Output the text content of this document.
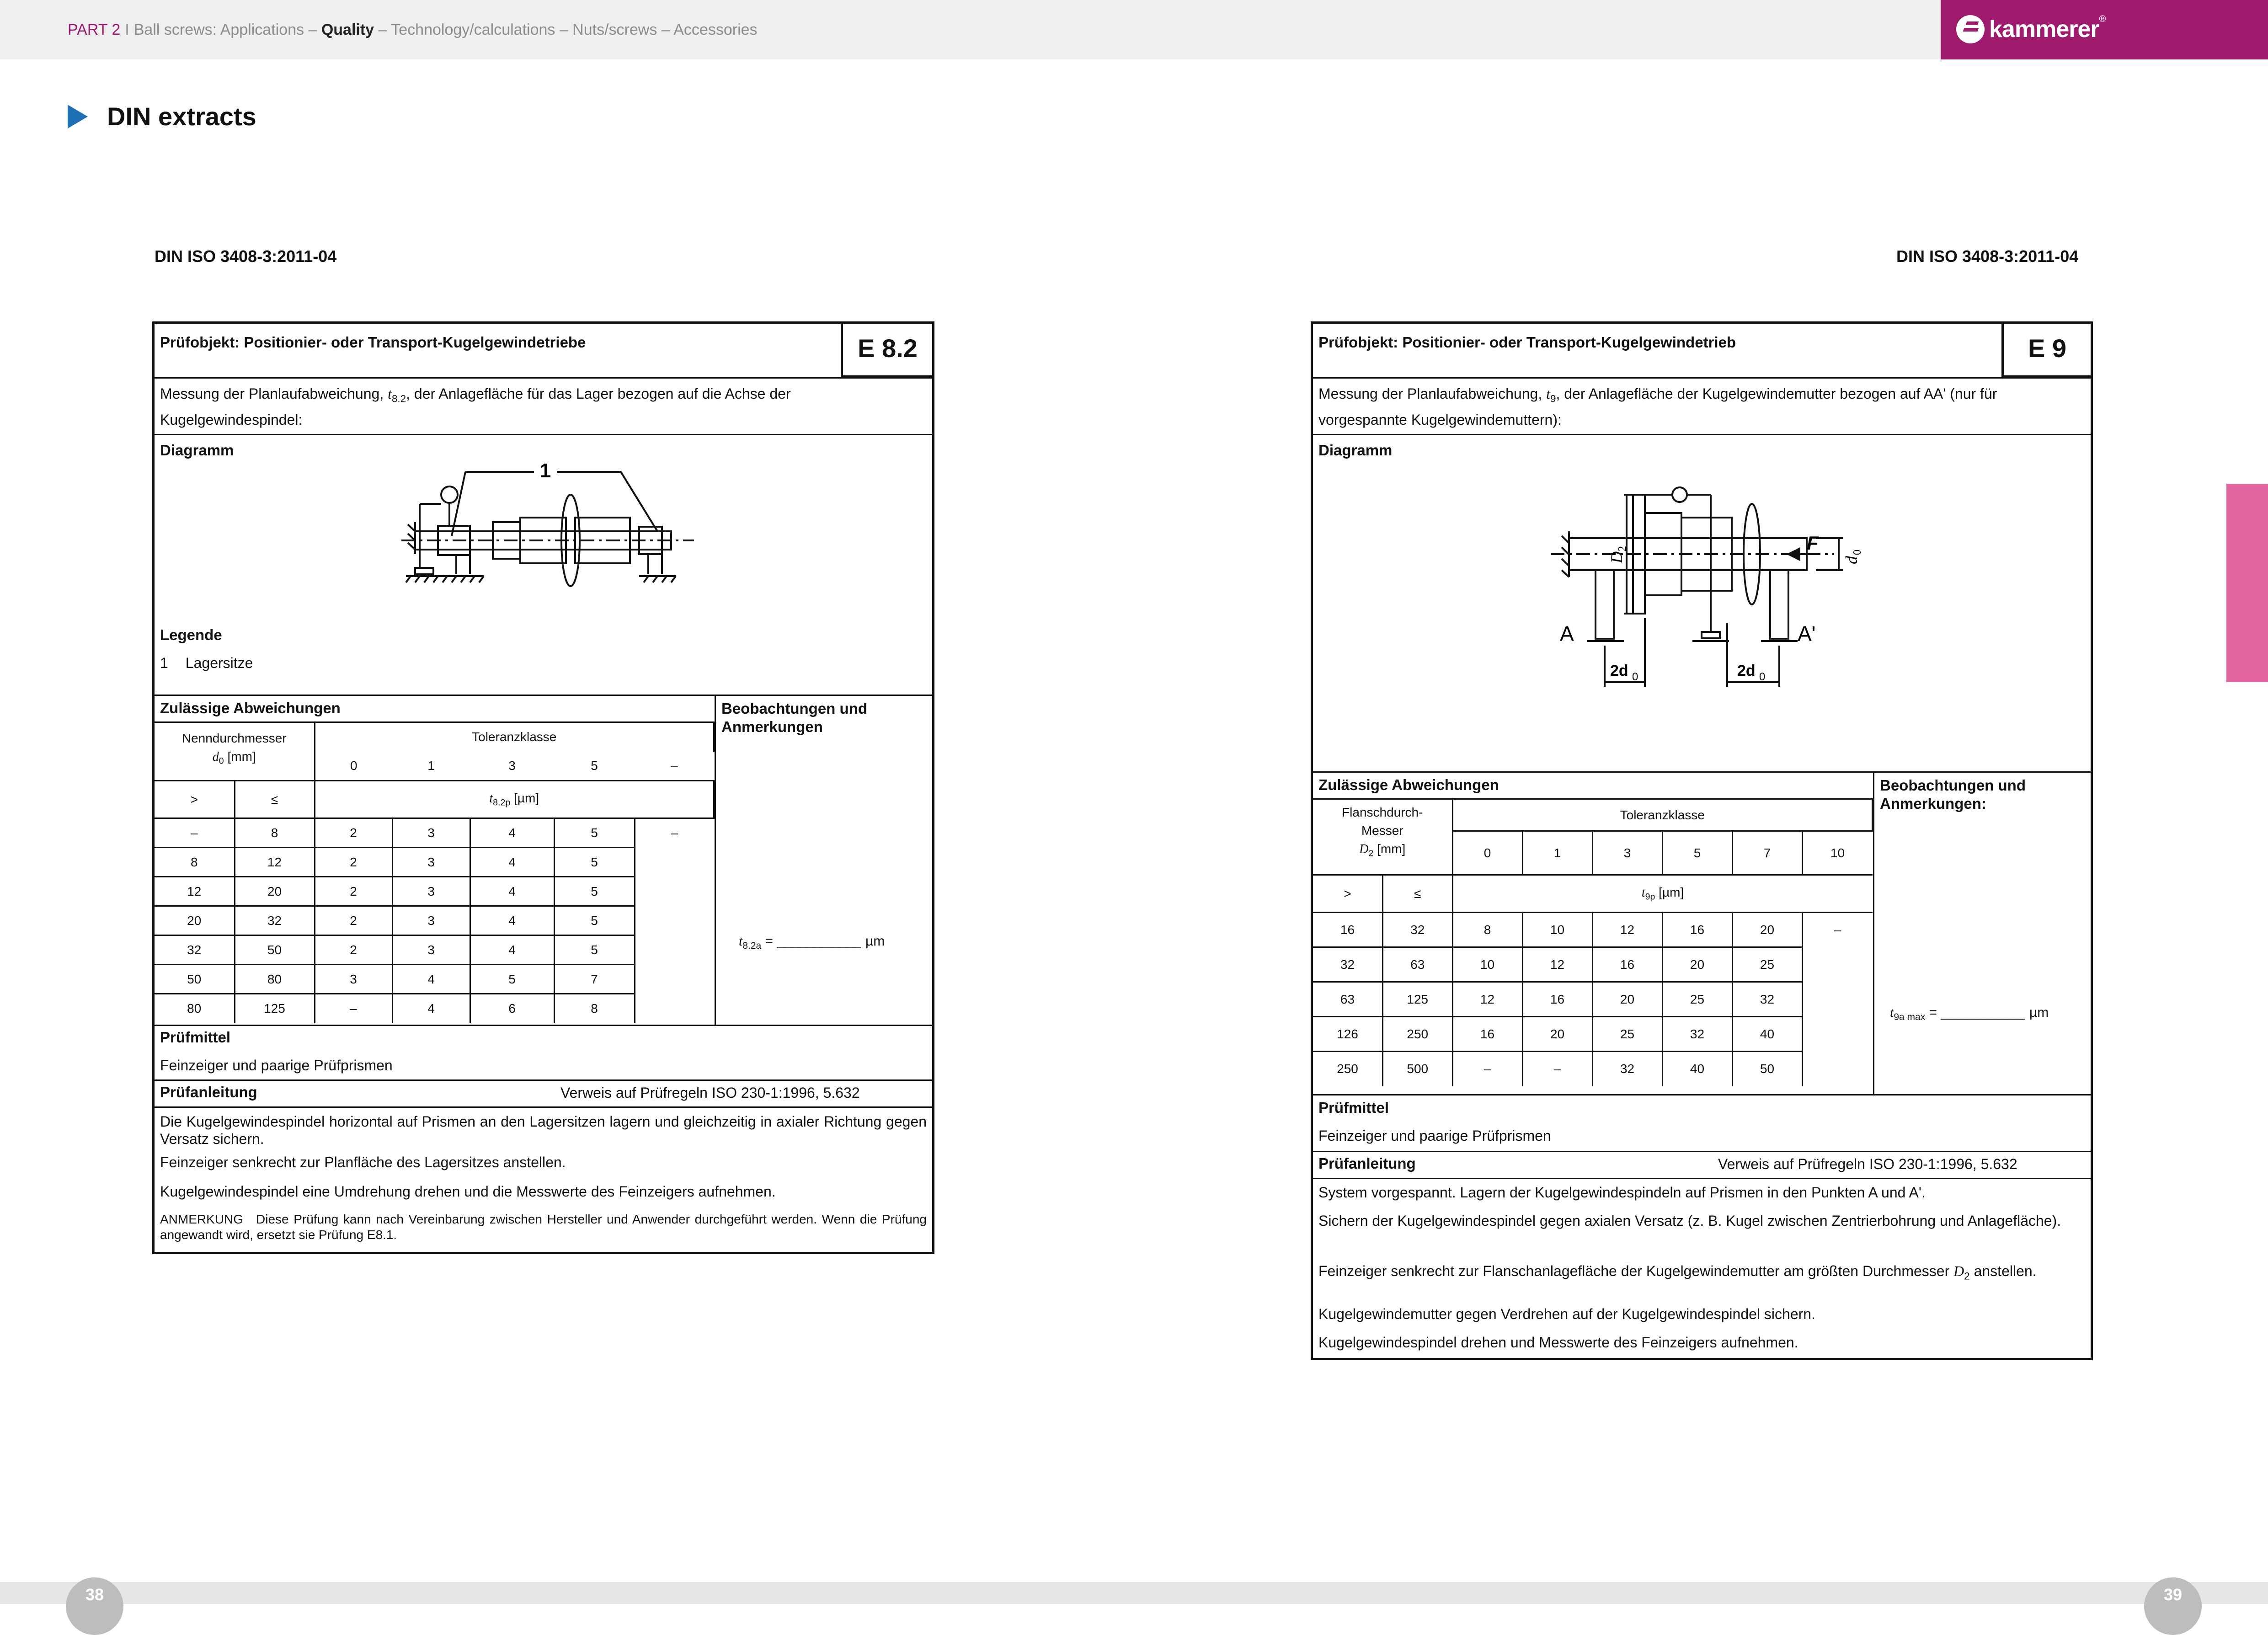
PART 2 I Ball screws: Applications – Quality – Technology/calculations – Nuts/screws – Accessories	kammerer ®
DIN extracts
DIN ISO 3408-3:2011-04
Prüfobjekt: Positionier- oder Transport-Kugelgewindetriebe	E 8.2
Messung der Planlaufabweichung, $t_{8.2}$, der Anlagefläche für das Lager bezogen auf die Achse der Kugelgewindespindel:
Diagramm
1
Legende
1 Lagersitze
Zulässige Abweichungen
Nenndurchmesser
$d_0$ [mm]		Toleranzklasse				
		0	1	3	5	–
>	≤	$t_{8.2p}$ [µm]				
–	8	2	3	4	5	–
8	12	2	3	4	5	
12	20	2	3	4	5	
20	32	2	3	4	5	
32	50	2	3	4	5	
50	80	3	4	5	7	
80	125	–	4	6	8	
Beobachtungen und Anmerkungen
$t_{8.2a}$ = ___________ µm
Prüfmittel
Feinzeiger und paarige Prüfprismen
Prüfanleitung	Verweis auf Prüfregeln ISO 230-1:1996, 5.632
Die Kugelgewindespindel horizontal auf Prismen an den Lagersitzen lagern und gleichzeitig in axialer Richtung gegen Versatz sichern.
Feinzeiger senkrecht zur Planfläche des Lagersitzes anstellen.
Kugelgewindespindel eine Umdrehung drehen und die Messwerte des Feinzeigers aufnehmen.
ANMERKUNG Diese Prüfung kann nach Vereinbarung zwischen Hersteller und Anwender durchgeführt werden. Wenn die Prüfung angewandt wird, ersetzt sie Prüfung E8.1.
DIN ISO 3408-3:2011-04
Prüfobjekt: Positionier- oder Transport-Kugelgewindetrieb	E 9
Messung der Planlaufabweichung, $t_9$, der Anlagefläche der Kugelgewindemutter bezogen auf AA' (nur für vorgespannte Kugelgewindemuttern):
Diagramm
A	A'
F
D
2
d
0
2d 0	2d 0
Zulässige Abweichungen
Flanschdurch-
Messer
$D_2$ [mm]		Toleranzklasse					
		0	1	3	5	7	10
>	≤	$t_{9p}$ [µm]					
16	32	8	10	12	16	20	–
32	63	10	12	16	20	25	
63	125	12	16	20	25	32	
126	250	16	20	25	32	40	
250	500	–	–	32	40	50	
Beobachtungen und Anmerkungen:
$t_{9a max}$ = ___________ µm
Prüfmittel
Feinzeiger und paarige Prüfprismen
Prüfanleitung	Verweis auf Prüfregeln ISO 230-1:1996, 5.632
System vorgespannt. Lagern der Kugelgewindespindeln auf Prismen in den Punkten A und A'.
Sichern der Kugelgewindespindel gegen axialen Versatz (z. B. Kugel zwischen Zentrierbohrung und Anlagefläche).
Feinzeiger senkrecht zur Flanschanlagefläche der Kugelgewindemutter am größten Durchmesser $D_2$ anstellen.
Kugelgewindemutter gegen Verdrehen auf der Kugelgewindespindel sichern.
Kugelgewindespindel drehen und Messwerte des Feinzeigers aufnehmen.
38	39
